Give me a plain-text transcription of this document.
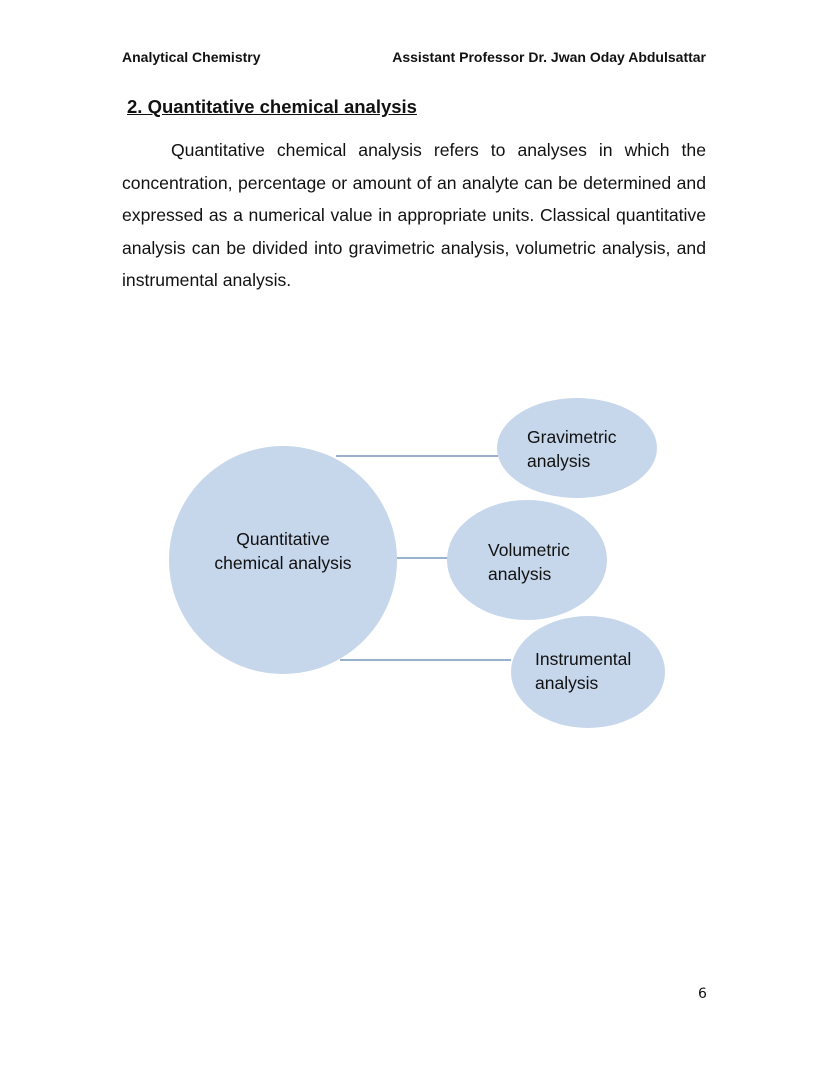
Analytical Chemistry	Assistant Professor Dr. Jwan Oday Abdulsattar
2. Quantitative chemical analysis

Quantitative chemical analysis refers to analyses in which the concentration, percentage or amount of an analyte can be determined and expressed as a numerical value in appropriate units. Classical quantitative analysis can be divided into gravimetric analysis, volumetric analysis, and instrumental analysis.

Quantitative
chemical analysis
Gravimetric
analysis
Volumetric
analysis
Instrumental
analysis
6
